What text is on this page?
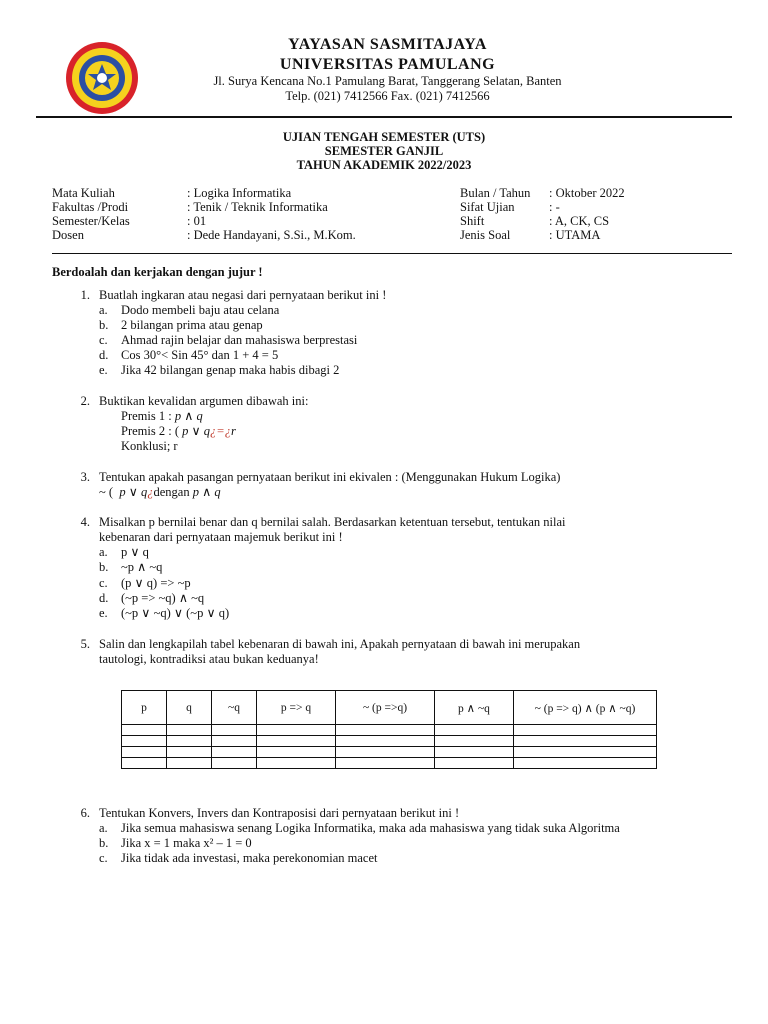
YAYASAN SASMITAJAYA
UNIVERSITAS PAMULANG
Jl. Surya Kencana No.1 Pamulang Barat, Tanggerang Selatan, Banten
Telp. (021) 7412566 Fax. (021) 7412566
UJIAN TENGAH SEMESTER (UTS)
SEMESTER GANJIL
TAHUN AKADEMIK 2022/2023
Mata Kuliah	: Logika Informatika
Fakultas /Prodi	: Tenik / Teknik Informatika
Semester/Kelas	: 01
Dosen	: Dede Handayani, S.Si., M.Kom.
Bulan / Tahun : Oktober 2022
Sifat Ujian	: -
Shift	: A, CK, CS
Jenis Soal	: UTAMA
Berdoalah dan kerjakan dengan jujur !
1. Buatlah ingkaran atau negasi dari pernyataan berikut ini !
a. Dodo membeli baju atau celana
b. 2 bilangan prima atau genap
c. Ahmad rajin belajar dan mahasiswa berprestasi
d. Cos 30°< Sin 45° dan 1 + 4 = 5
e. Jika 42 bilangan genap maka habis dibagi 2
2. Buktikan kevalidan argumen dibawah ini:
Premis 1 : p ∧ q
Premis 2 : ( p ∨ q¿=¿r
Konklusi; r
3. Tentukan apakah pasangan pernyataan berikut ini ekivalen : (Menggunakan Hukum Logika)
~ ( p ∨ q¿dengan p ∧ q
4. Misalkan p bernilai benar dan q bernilai salah. Berdasarkan ketentuan tersebut, tentukan nilai
kebenaran dari pernyataan majemuk berikut ini !
a. p ∨ q
b. ~p ∧ ~q
c. (p ∨ q) => ~p
d. (~p => ~q) ∧ ~q
e. (~p ∨ ~q) ∨ (~p ∨ q)
5. Salin dan lengkapilah tabel kebenaran di bawah ini, Apakah pernyataan di bawah ini merupakan
tautologi, kontradiksi atau bukan keduanya!
p	q	~q	p => q	~ (p =>q)	p ∧ ~q	~ (p => q) ∧ (p ∧ ~q)

6. Tentukan Konvers, Invers dan Kontraposisi dari pernyataan berikut ini !
a. Jika semua mahasiswa senang Logika Informatika, maka ada mahasiswa yang tidak suka Algoritma
b. Jika x = 1 maka x² – 1 = 0
c. Jika tidak ada investasi, maka perekonomian macet
